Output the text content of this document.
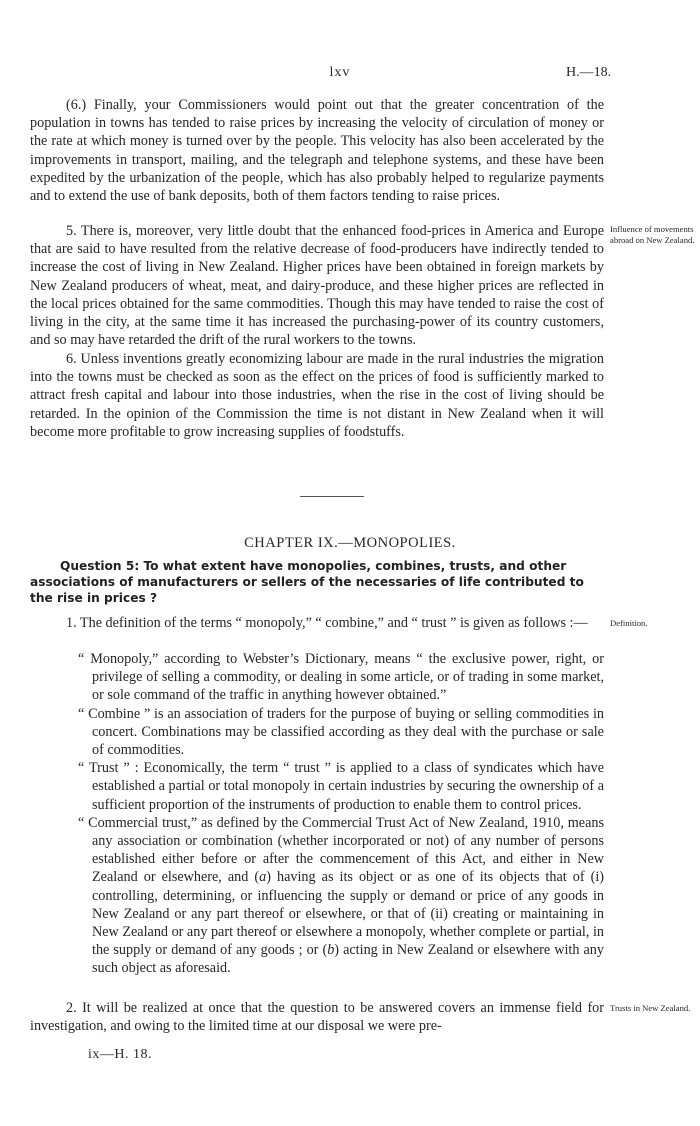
lxv	H.—18.

(6.) Finally, your Commissioners would point out that the greater concentration of the population in towns has tended to raise prices by increasing the velocity of circulation of money or the rate at which money is turned over by the people. This velocity has also been accelerated by the improvements in transport, mailing, and the telegraph and telephone systems, and these have been expedited by the urbanization of the people, which has also probably helped to regularize payments and to extend the use of bank deposits, both of them factors tending to raise prices.

5. There is, moreover, very little doubt that the enhanced food-prices in America and Europe that are said to have resulted from the relative decrease of food-producers have indirectly tended to increase the cost of living in New Zealand. Higher prices have been obtained in foreign markets by New Zealand producers of wheat, meat, and dairy-produce, and these higher prices are reflected in the local prices obtained for the same commodities. Though this may have tended to raise the cost of living in the city, at the same time it has increased the purchasing-power of its country customers, and so may have retarded the drift of the rural workers to the towns.

Influence of movements abroad on New Zealand.

6. Unless inventions greatly economizing labour are made in the rural industries the migration into the towns must be checked as soon as the effect on the prices of food is sufficiently marked to attract fresh capital and labour into those industries, when the rise in the cost of living should be retarded. In the opinion of the Commission the time is not distant in New Zealand when it will become more profitable to grow increasing supplies of foodstuffs.

CHAPTER IX.—MONOPOLIES.
Question 5: To what extent have monopolies, combines, trusts, and other associations of manufacturers or sellers of the necessaries of life contributed to the rise in prices ?

1. The definition of the terms “ monopoly,” “ combine,” and “ trust ” is given as follows :—	Definition.

“ Monopoly,” according to Webster’s Dictionary, means “ the exclusive power, right, or privilege of selling a commodity, or dealing in some article, or of trading in some market, or sole command of the traffic in anything however obtained.”

“ Combine ” is an association of traders for the purpose of buying or selling commodities in concert. Combinations may be classified according as they deal with the purchase or sale of commodities.

“ Trust ” : Economically, the term “ trust ” is applied to a class of syndicates which have established a partial or total monopoly in certain industries by securing the ownership of a sufficient proportion of the instruments of production to enable them to control prices.

“ Commercial trust,” as defined by the Commercial Trust Act of New Zealand, 1910, means any association or combination (whether incorporated or not) of any number of persons established either before or after the commencement of this Act, and either in New Zealand or elsewhere, and (a) having as its object or as one of its objects that of (i) controlling, determining, or influencing the supply or demand or price of any goods in New Zealand or any part thereof or elsewhere, or that of (ii) creating or maintaining in New Zealand or any part thereof or elsewhere a monopoly, whether complete or partial, in the supply or demand of any goods ; or (b) acting in New Zealand or elsewhere with any such object as aforesaid.

2. It will be realized at once that the question to be answered covers an immense field for investigation, and owing to the limited time at our disposal we were pre-

Trusts in New Zealand.
ix—H. 18.
